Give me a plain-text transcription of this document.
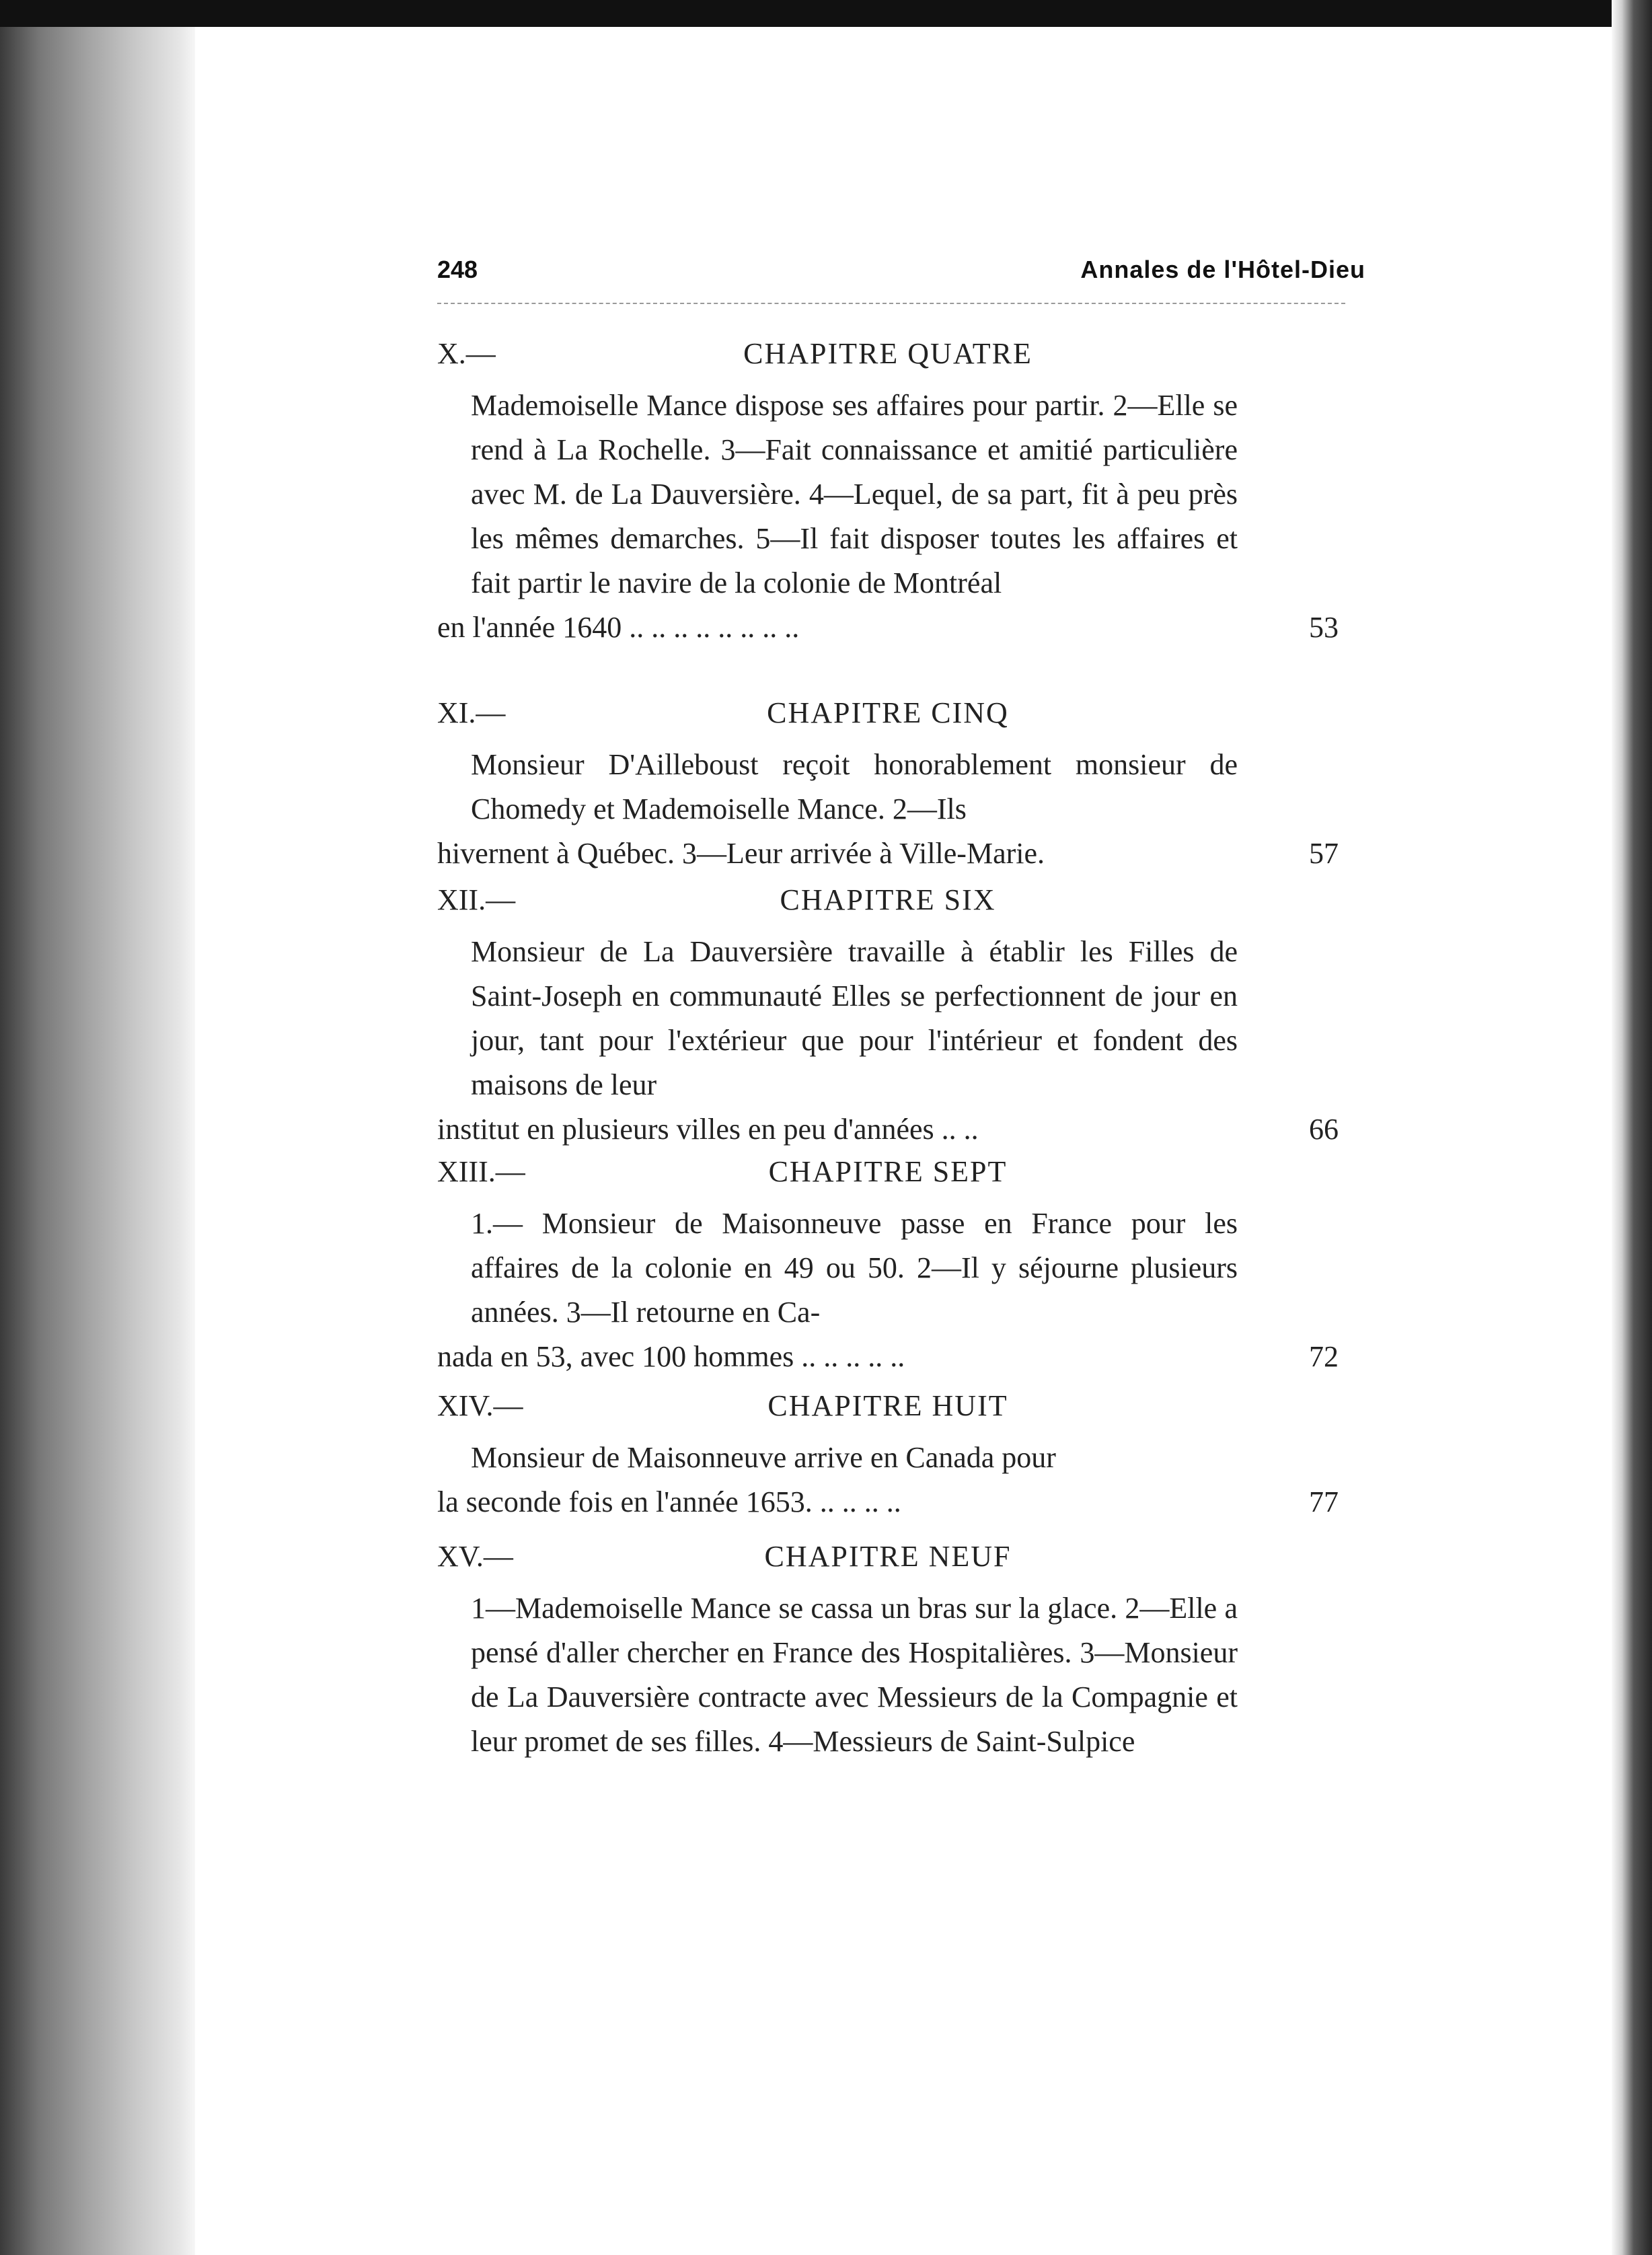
248	Annales de l'Hôtel-Dieu
X.—	CHAPITRE QUATRE
Mademoiselle Mance dispose ses affaires pour partir. 2—Elle se rend à La Rochelle. 3—Fait connaissance et amitié particulière avec M. de La Dauversière. 4—Lequel, de sa part, fit à peu près les mêmes demarches. 5—Il fait disposer toutes les affaires et fait partir le navire de la colonie de Montréal
en l'année 1640 .. .. .. .. .. .. .. ..	53
XI.—	CHAPITRE CINQ
Monsieur D'Ailleboust reçoit honorablement monsieur de Chomedy et Mademoiselle Mance. 2—Ils
hivernent à Québec. 3—Leur arrivée à Ville-Marie.	57
XII.—	CHAPITRE SIX
Monsieur de La Dauversière travaille à établir les Filles de Saint-Joseph en communauté Elles se perfectionnent de jour en jour, tant pour l'extérieur que pour l'intérieur et fondent des maisons de leur
institut en plusieurs villes en peu d'années .. ..	66
XIII.—	CHAPITRE SEPT
1.— Monsieur de Maisonneuve passe en France pour les affaires de la colonie en 49 ou 50. 2—Il y séjourne plusieurs années. 3—Il retourne en Ca-
nada en 53, avec 100 hommes .. .. .. .. ..	72
XIV.—	CHAPITRE HUIT
Monsieur de Maisonneuve arrive en Canada pour
la seconde fois en l'année 1653. .. .. .. ..	77
XV.—	CHAPITRE NEUF
1—Mademoiselle Mance se cassa un bras sur la glace. 2—Elle a pensé d'aller chercher en France des Hospitalières. 3—Monsieur de La Dauversière contracte avec Messieurs de la Compagnie et leur promet de ses filles. 4—Messieurs de Saint-Sulpice
